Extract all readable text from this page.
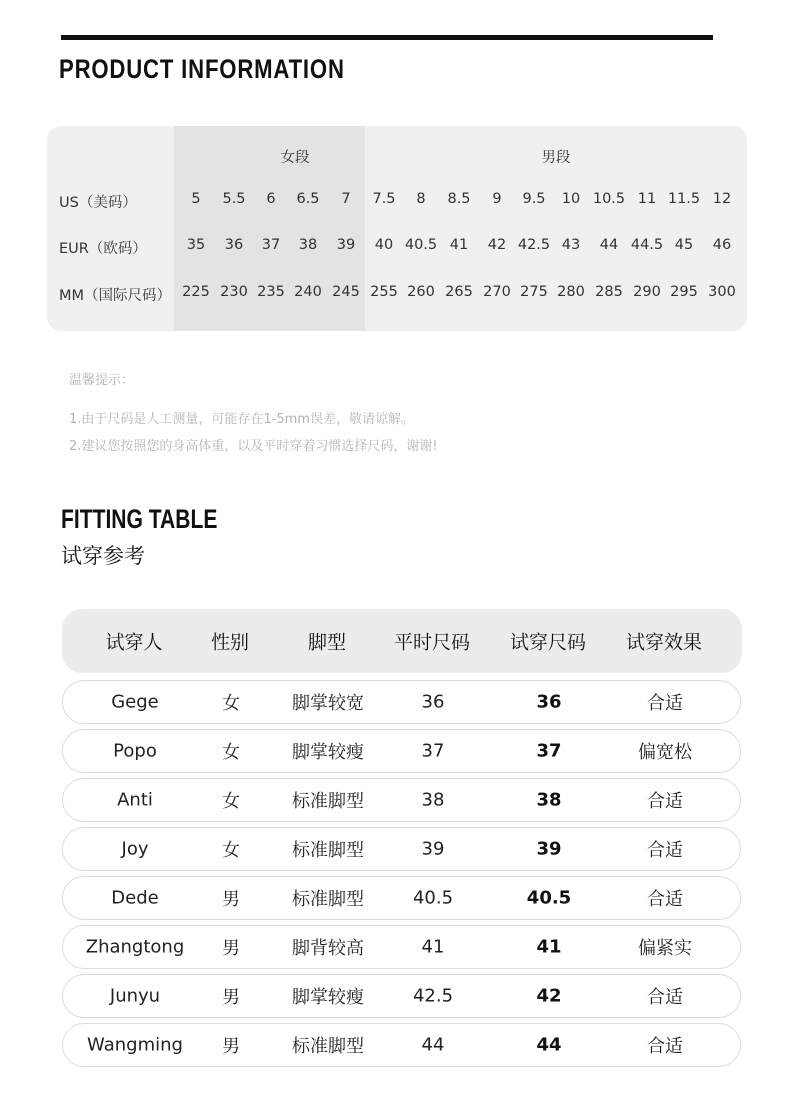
PRODUCT INFORMATION
女段	男段
US（美码）	5 5.5 6 6.5 7 7.5 8 8.5 9 9.5 10 10.5 11 11.5 12
EUR（欧码）	35 36 37 38 39 40 40.5 41 42 42.5 43 44 44.5 45 46
MM（国际尺码） 225 230 235 240 245 255 260 265 270 275 280 285 290 295 300
温馨提示：
1.由于尺码是人工测量，可能存在1-5mm误差，敬请谅解。
2.建议您按照您的身高体重，以及平时穿着习惯选择尺码，谢谢!
FITTING TABLE
试穿参考
试穿人	性别	脚型	平时尺码 试穿尺码 试穿效果
Gege	女	脚掌较宽	36	36	合适
Popo	女	脚掌较瘦	37	37	偏宽松
Anti	女	标准脚型	38	38	合适
Joy	女	标准脚型	39	39	合适
Dede	男	标准脚型	40.5	40.5	合适
Zhangtong 男	脚背较高	41	41	偏紧实
Junyu	男	脚掌较瘦	42.5	42	合适
Wangming 男	标准脚型	44	44	合适
